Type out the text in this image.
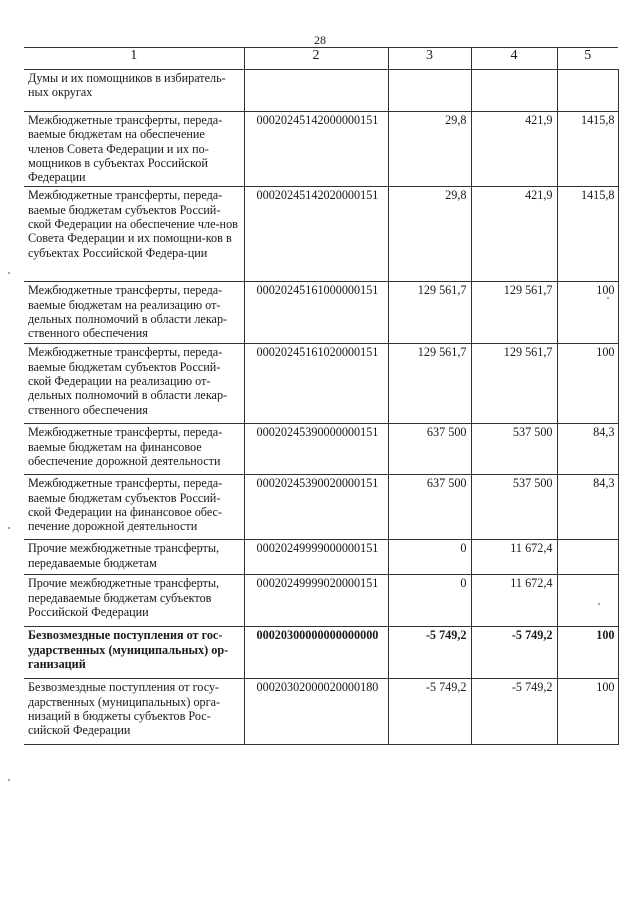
28
1	2	3	4	5
Думы и их помощников в избиратель-ных округах				
Межбюджетные трансферты, переда-ваемые бюджетам на обеспечение членов Совета Федерации и их по-мощников в субъектах Российской Федерации	00020245142000000151	29,8	421,9	1415,8
Межбюджетные трансферты, переда-ваемые бюджетам субъектов Россий-ской Федерации на обеспечение чле-нов Совета Федерации и их помощни-ков в субъектах Российской Федера-ции	00020245142020000151	29,8	421,9	1415,8
Межбюджетные трансферты, переда-ваемые бюджетам на реализацию от-дельных полномочий в области лекар-ственного обеспечения	00020245161000000151	129 561,7	129 561,7	100
Межбюджетные трансферты, переда-ваемые бюджетам субъектов Россий-ской Федерации на реализацию от-дельных полномочий в области лекар-ственного обеспечения	00020245161020000151	129 561,7	129 561,7	100
Межбюджетные трансферты, переда-ваемые бюджетам на финансовое обеспечение дорожной деятельности	00020245390000000151	637 500	537 500	84,3
Межбюджетные трансферты, переда-ваемые бюджетам субъектов Россий-ской Федерации на финансовое обес-печение дорожной деятельности	00020245390020000151	637 500	537 500	84,3
Прочие межбюджетные трансферты, передаваемые бюджетам	00020249999000000151	0	11 672,4	
Прочие межбюджетные трансферты, передаваемые бюджетам субъектов Российской Федерации	00020249999020000151	0	11 672,4	
Безвозмездные поступления от гос-ударственных (муниципальных) ор-ганизаций	00020300000000000000	-5 749,2	-5 749,2	100
Безвозмездные поступления от госу-дарственных (муниципальных) орга-низаций в бюджеты субъектов Рос-сийской Федерации	00020302000020000180	-5 749,2	-5 749,2	100
